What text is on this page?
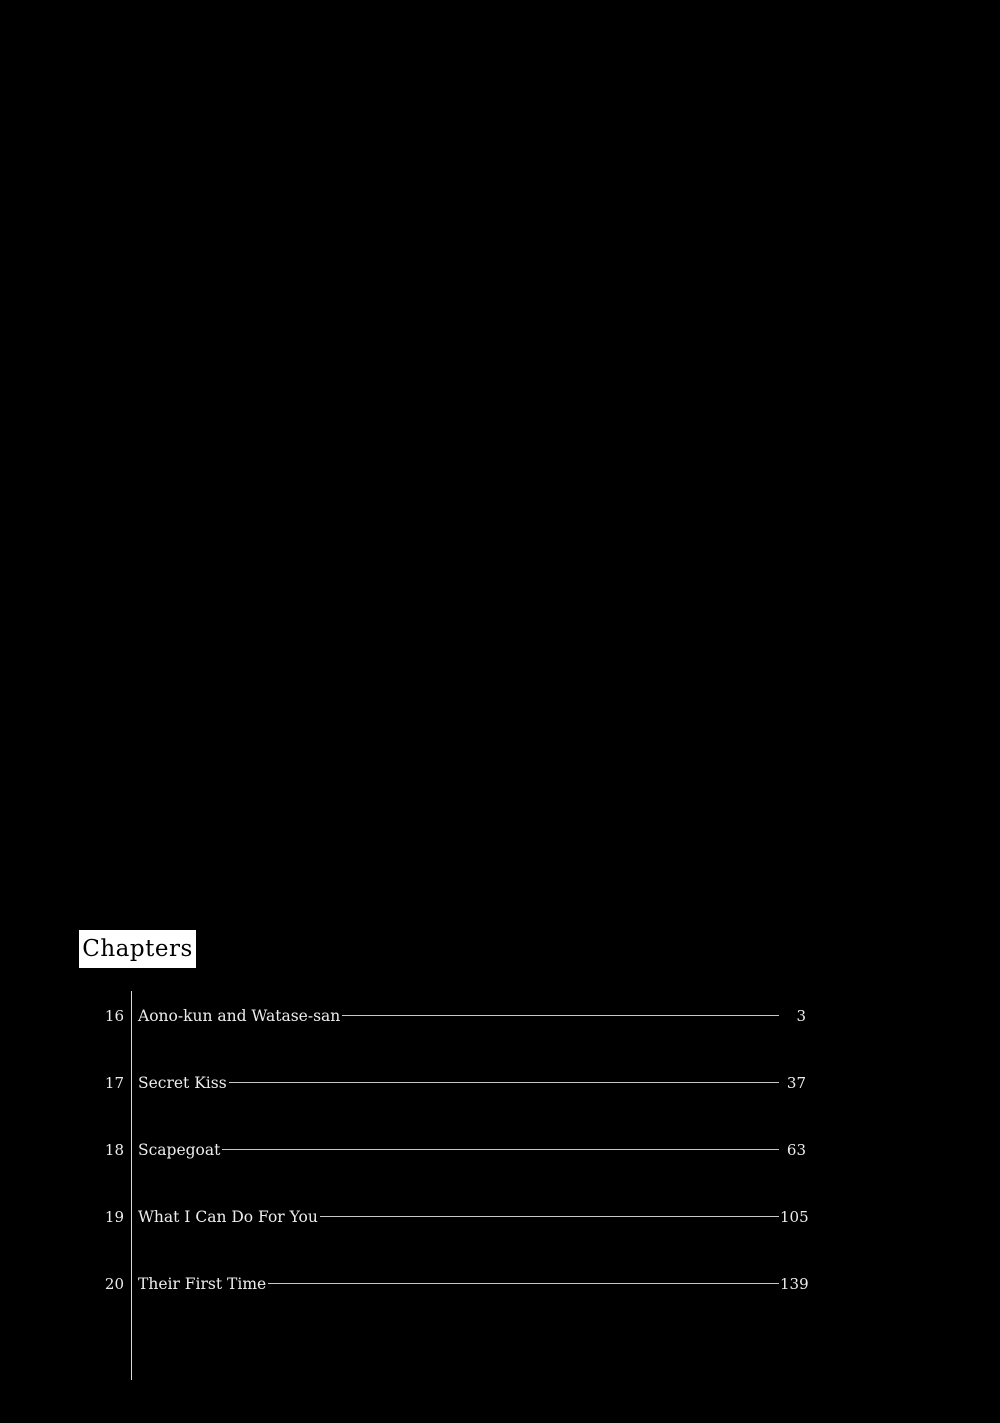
Chapters
16 Aono-kun and Watase-san	3
17 Secret Kiss	37
18 Scapegoat	63
19 What I Can Do For You	105
20 Their First Time	139
